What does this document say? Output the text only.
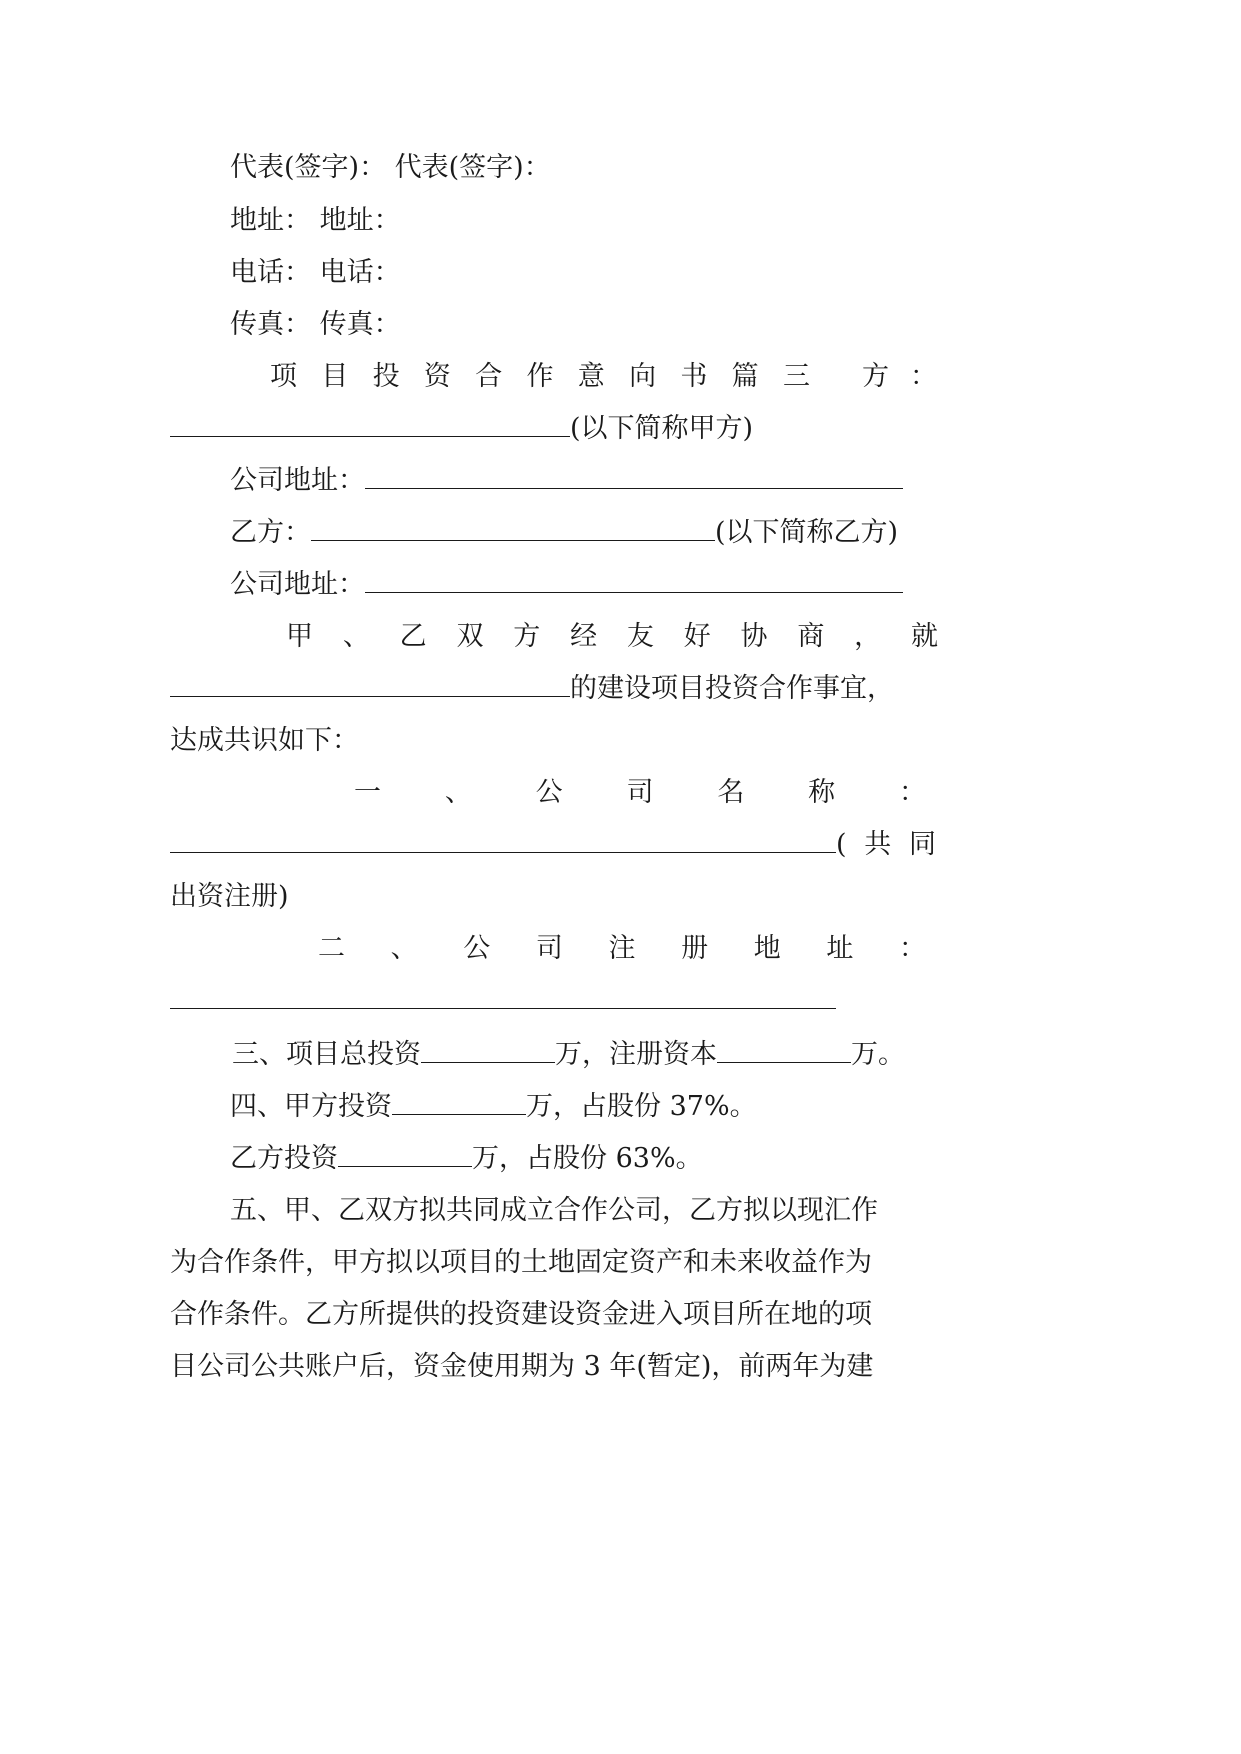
代表(签字)： 代表(签字)：

地址： 地址：

电话： 电话：

传真： 传真：

项 目 投 资 合 作 意 向 书 篇 三 方 ：

(以下简称甲方)
公司地址：
乙方：	(以下简称乙方)
公司地址：
甲 、 乙 双 方 经 友 好 协 商 ， 就
的建设项目投资合作事宜，

达成共识如下：

一 、 公 司 名 称 ：
( 共 同

出资注册)

二 、 公 司 注 册 地 址 ：
三、项目总投资	万，注册资本	万。
四、甲方投资	万，占股份 37%。
乙方投资	万，占股份 63%。

五、甲、乙双方拟共同成立合作公司，乙方拟以现汇作

为合作条件，甲方拟以项目的土地固定资产和未来收益作为

合作条件。乙方所提供的投资建设资金进入项目所在地的项

目公司公共账户后，资金使用期为 3 年(暂定)，前两年为建
